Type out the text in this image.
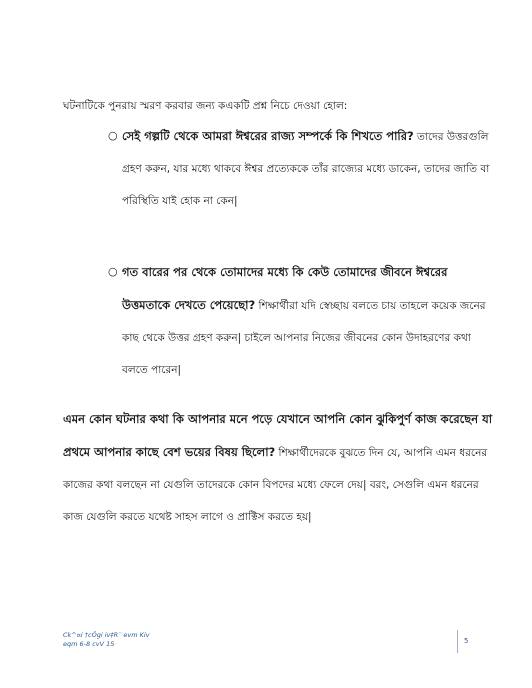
ঘটনাটিকে পুনরায় স্মরণ করবার জন্য কএকটি প্রশ্ন নিচে দেওয়া হোল:
○ সেই গল্পটি থেকে আমরা ঈশ্বরের রাজ্য সম্পর্কে কি শিখতে পারি? তাদের উত্তরগুলি গ্রহণ করুন, যার মধ্যে থাকবে ঈশ্বর প্রত্যেককে তাঁর রাজ্যের মধ্যে ডাকেন, তাদের জাতি বা পরিস্থিতি যাই হোক না কেন|
○ গত বারের পর থেকে তোমাদের মধ্যে কি কেউ তোমাদের জীবনে ঈশ্বরের উত্তমতাকে দেখতে পেয়েছো? শিক্ষার্থীরা যদি স্বেচ্ছায় বলতে চায় তাহলে কয়েক জনের কাছ থেকে উত্তর গ্রহণ করুন| চাইলে আপনার নিজের জীবনের কোন উদাহরণের কথা বলতে পারেন|
এমন কোন ঘটনার কথা কি আপনার মনে পড়ে যেখানে আপনি কোন ঝুকিপুর্ণ কাজ করেছেন যা প্রথমে আপনার কাছে বেশ ভয়ের বিষয় ছিলো? শিক্ষার্থীদেরকে বুঝতে দিন যে, আপনি এমন ধরনের কাজের কথা বলছেন না যেগুলি তাদেরকে কোন বিপদের মধ্যে ফেলে দেয়| বরং, সেগুলি এমন ধরনের কাজ যেগুলি করতে যথেষ্ট সাহস লাগে ও প্রাক্টিস করতে হয়|
Ck^¤i †cÖgi iv‡R¨ evm Kiv
eqm 6-8 cvV 15	5
